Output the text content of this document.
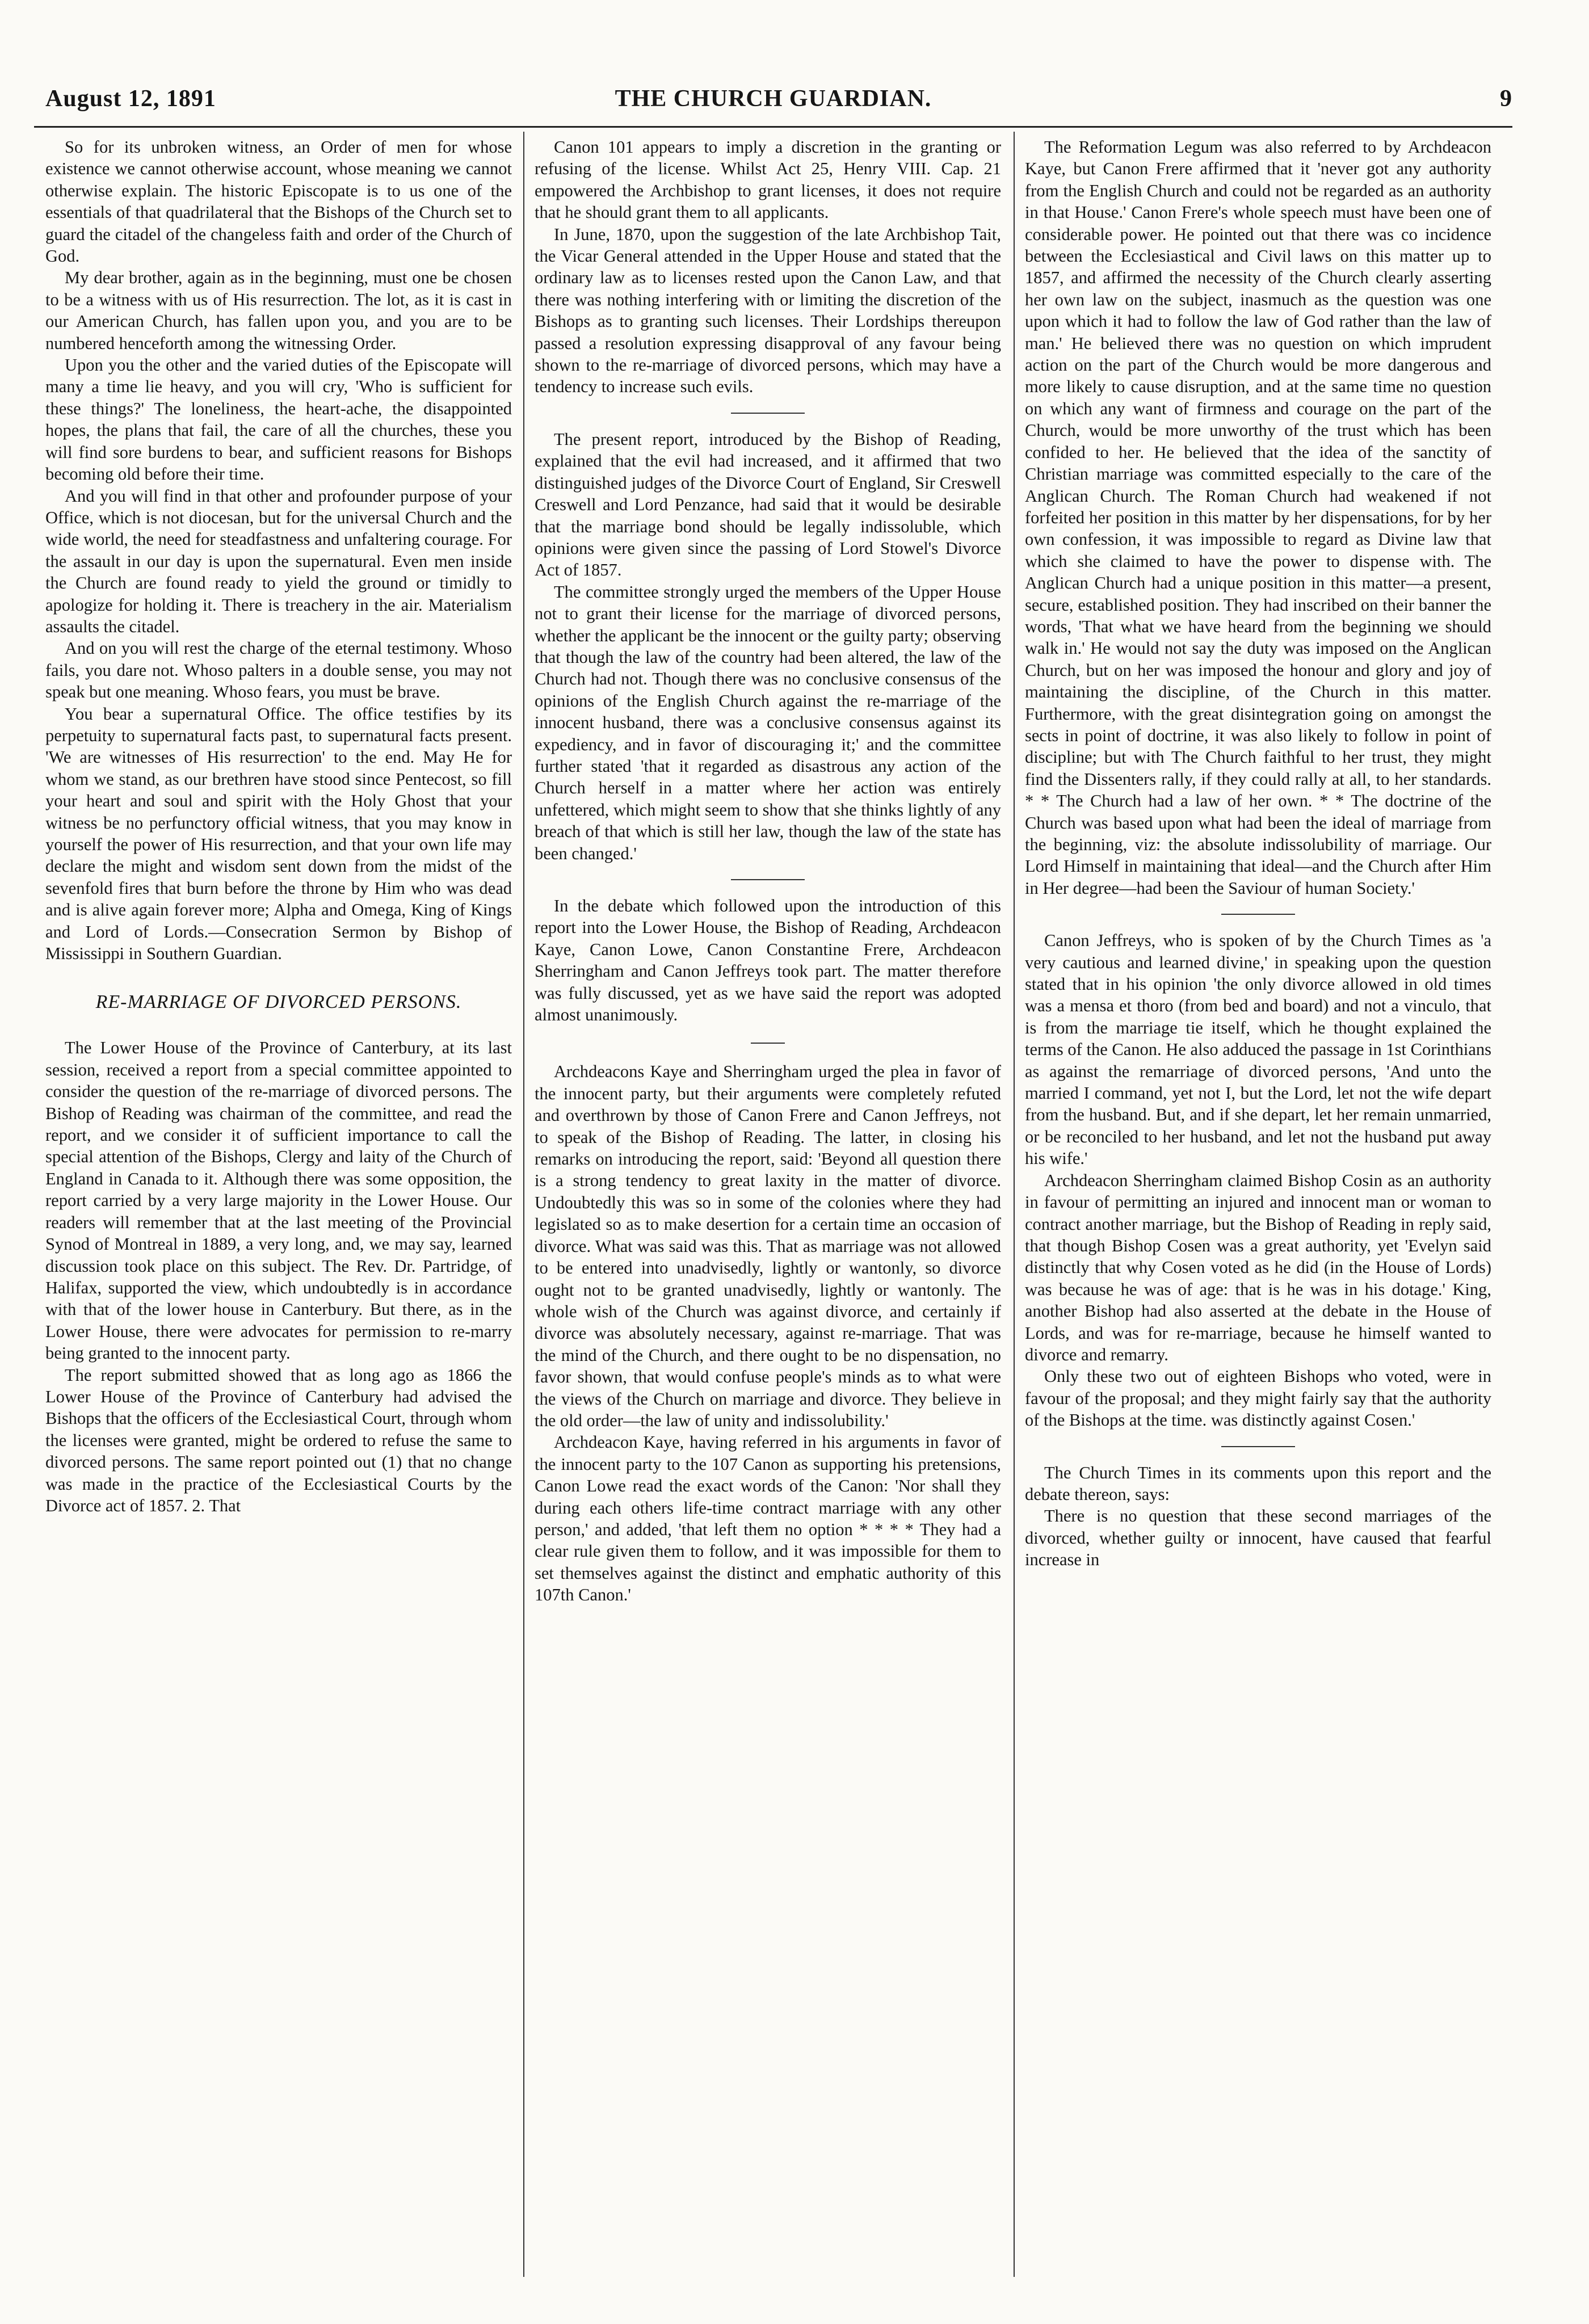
August 12, 1891	THE CHURCH GUARDIAN.	9

So for its unbroken witness, an Order of men for whose existence we cannot otherwise account, whose meaning we cannot otherwise explain. The historic Episcopate is to us one of the essentials of that quadrilateral that the Bishops of the Church set to guard the citadel of the changeless faith and order of the Church of God.

My dear brother, again as in the beginning, must one be chosen to be a witness with us of His resurrection. The lot, as it is cast in our American Church, has fallen upon you, and you are to be numbered henceforth among the witnessing Order.

Upon you the other and the varied duties of the Episcopate will many a time lie heavy, and you will cry, 'Who is sufficient for these things?' The loneliness, the heart-ache, the disappointed hopes, the plans that fail, the care of all the churches, these you will find sore burdens to bear, and sufficient reasons for Bishops becoming old before their time.

And you will find in that other and profounder purpose of your Office, which is not diocesan, but for the universal Church and the wide world, the need for steadfastness and unfaltering courage. For the assault in our day is upon the supernatural. Even men inside the Church are found ready to yield the ground or timidly to apologize for holding it. There is treachery in the air. Materialism assaults the citadel.

And on you will rest the charge of the eternal testimony. Whoso fails, you dare not. Whoso palters in a double sense, you may not speak but one meaning. Whoso fears, you must be brave.

You bear a supernatural Office. The office testifies by its perpetuity to supernatural facts past, to supernatural facts present. 'We are witnesses of His resurrection' to the end. May He for whom we stand, as our brethren have stood since Pentecost, so fill your heart and soul and spirit with the Holy Ghost that your witness be no perfunctory official witness, that you may know in yourself the power of His resurrection, and that your own life may declare the might and wisdom sent down from the midst of the sevenfold fires that burn before the throne by Him who was dead and is alive again forever more; Alpha and Omega, King of Kings and Lord of Lords.—Consecration Sermon by Bishop of Mississippi in Southern Guardian.

RE-MARRIAGE OF DIVORCED PERSONS.

The Lower House of the Province of Canterbury, at its last session, received a report from a special committee appointed to consider the question of the re-marriage of divorced persons. The Bishop of Reading was chairman of the committee, and read the report, and we consider it of sufficient importance to call the special attention of the Bishops, Clergy and laity of the Church of England in Canada to it. Although there was some opposition, the report carried by a very large majority in the Lower House. Our readers will remember that at the last meeting of the Provincial Synod of Montreal in 1889, a very long, and, we may say, learned discussion took place on this subject. The Rev. Dr. Partridge, of Halifax, supported the view, which undoubtedly is in accordance with that of the lower house in Canterbury. But there, as in the Lower House, there were advocates for permission to re-marry being granted to the innocent party.

The report submitted showed that as long ago as 1866 the Lower House of the Province of Canterbury had advised the Bishops that the officers of the Ecclesiastical Court, through whom the licenses were granted, might be ordered to refuse the same to divorced persons. The same report pointed out (1) that no change was made in the practice of the Ecclesiastical Courts by the Divorce act of 1857. 2. That

Canon 101 appears to imply a discretion in the granting or refusing of the license. Whilst Act 25, Henry VIII. Cap. 21 empowered the Archbishop to grant licenses, it does not require that he should grant them to all applicants.

In June, 1870, upon the suggestion of the late Archbishop Tait, the Vicar General attended in the Upper House and stated that the ordinary law as to licenses rested upon the Canon Law, and that there was nothing interfering with or limiting the discretion of the Bishops as to granting such licenses. Their Lordships thereupon passed a resolution expressing disapproval of any favour being shown to the re-marriage of divorced persons, which may have a tendency to increase such evils.

The present report, introduced by the Bishop of Reading, explained that the evil had increased, and it affirmed that two distinguished judges of the Divorce Court of England, Sir Creswell Creswell and Lord Penzance, had said that it would be desirable that the marriage bond should be legally indissoluble, which opinions were given since the passing of Lord Stowel's Divorce Act of 1857.

The committee strongly urged the members of the Upper House not to grant their license for the marriage of divorced persons, whether the applicant be the innocent or the guilty party; observing that though the law of the country had been altered, the law of the Church had not. Though there was no conclusive consensus of the opinions of the English Church against the re-marriage of the innocent husband, there was a conclusive consensus against its expediency, and in favor of discouraging it;' and the committee further stated 'that it regarded as disastrous any action of the Church herself in a matter where her action was entirely unfettered, which might seem to show that she thinks lightly of any breach of that which is still her law, though the law of the state has been changed.'

In the debate which followed upon the introduction of this report into the Lower House, the Bishop of Reading, Archdeacon Kaye, Canon Lowe, Canon Constantine Frere, Archdeacon Sherringham and Canon Jeffreys took part. The matter therefore was fully discussed, yet as we have said the report was adopted almost unanimously.

Archdeacons Kaye and Sherringham urged the plea in favor of the innocent party, but their arguments were completely refuted and overthrown by those of Canon Frere and Canon Jeffreys, not to speak of the Bishop of Reading. The latter, in closing his remarks on introducing the report, said: 'Beyond all question there is a strong tendency to great laxity in the matter of divorce. Undoubtedly this was so in some of the colonies where they had legislated so as to make desertion for a certain time an occasion of divorce. What was said was this. That as marriage was not allowed to be entered into unadvisedly, lightly or wantonly, so divorce ought not to be granted unadvisedly, lightly or wantonly. The whole wish of the Church was against divorce, and certainly if divorce was absolutely necessary, against re-marriage. That was the mind of the Church, and there ought to be no dispensation, no favor shown, that would confuse people's minds as to what were the views of the Church on marriage and divorce. They believe in the old order—the law of unity and indissolubility.'

Archdeacon Kaye, having referred in his arguments in favor of the innocent party to the 107 Canon as supporting his pretensions, Canon Lowe read the exact words of the Canon: 'Nor shall they during each others life-time contract marriage with any other person,' and added, 'that left them no option * * * * They had a clear rule given them to follow, and it was impossible for them to set themselves against the distinct and emphatic authority of this 107th Canon.'

The Reformation Legum was also referred to by Archdeacon Kaye, but Canon Frere affirmed that it 'never got any authority from the English Church and could not be regarded as an authority in that House.' Canon Frere's whole speech must have been one of considerable power. He pointed out that there was co incidence between the Ecclesiastical and Civil laws on this matter up to 1857, and affirmed the necessity of the Church clearly asserting her own law on the subject, inasmuch as the question was one upon which it had to follow the law of God rather than the law of man.' He believed there was no question on which imprudent action on the part of the Church would be more dangerous and more likely to cause disruption, and at the same time no question on which any want of firmness and courage on the part of the Church, would be more unworthy of the trust which has been confided to her. He believed that the idea of the sanctity of Christian marriage was committed especially to the care of the Anglican Church. The Roman Church had weakened if not forfeited her position in this matter by her dispensations, for by her own confession, it was impossible to regard as Divine law that which she claimed to have the power to dispense with. The Anglican Church had a unique position in this matter—a present, secure, established position. They had inscribed on their banner the words, 'That what we have heard from the beginning we should walk in.' He would not say the duty was imposed on the Anglican Church, but on her was imposed the honour and glory and joy of maintaining the discipline, of the Church in this matter. Furthermore, with the great disintegration going on amongst the sects in point of doctrine, it was also likely to follow in point of discipline; but with The Church faithful to her trust, they might find the Dissenters rally, if they could rally at all, to her standards. * * The Church had a law of her own. * * The doctrine of the Church was based upon what had been the ideal of marriage from the beginning, viz: the absolute indissolubility of marriage. Our Lord Himself in maintaining that ideal—and the Church after Him in Her degree—had been the Saviour of human Society.'

Canon Jeffreys, who is spoken of by the Church Times as 'a very cautious and learned divine,' in speaking upon the question stated that in his opinion 'the only divorce allowed in old times was a mensa et thoro (from bed and board) and not a vinculo, that is from the marriage tie itself, which he thought explained the terms of the Canon. He also adduced the passage in 1st Corinthians as against the remarriage of divorced persons, 'And unto the married I command, yet not I, but the Lord, let not the wife depart from the husband. But, and if she depart, let her remain unmarried, or be reconciled to her husband, and let not the husband put away his wife.'

Archdeacon Sherringham claimed Bishop Cosin as an authority in favour of permitting an injured and innocent man or woman to contract another marriage, but the Bishop of Reading in reply said, that though Bishop Cosen was a great authority, yet 'Evelyn said distinctly that why Cosen voted as he did (in the House of Lords) was because he was of age: that is he was in his dotage.' King, another Bishop had also asserted at the debate in the House of Lords, and was for re-marriage, because he himself wanted to divorce and remarry.

Only these two out of eighteen Bishops who voted, were in favour of the proposal; and they might fairly say that the authority of the Bishops at the time. was distinctly against Cosen.'

The Church Times in its comments upon this report and the debate thereon, says:

There is no question that these second marriages of the divorced, whether guilty or innocent, have caused that fearful increase in
